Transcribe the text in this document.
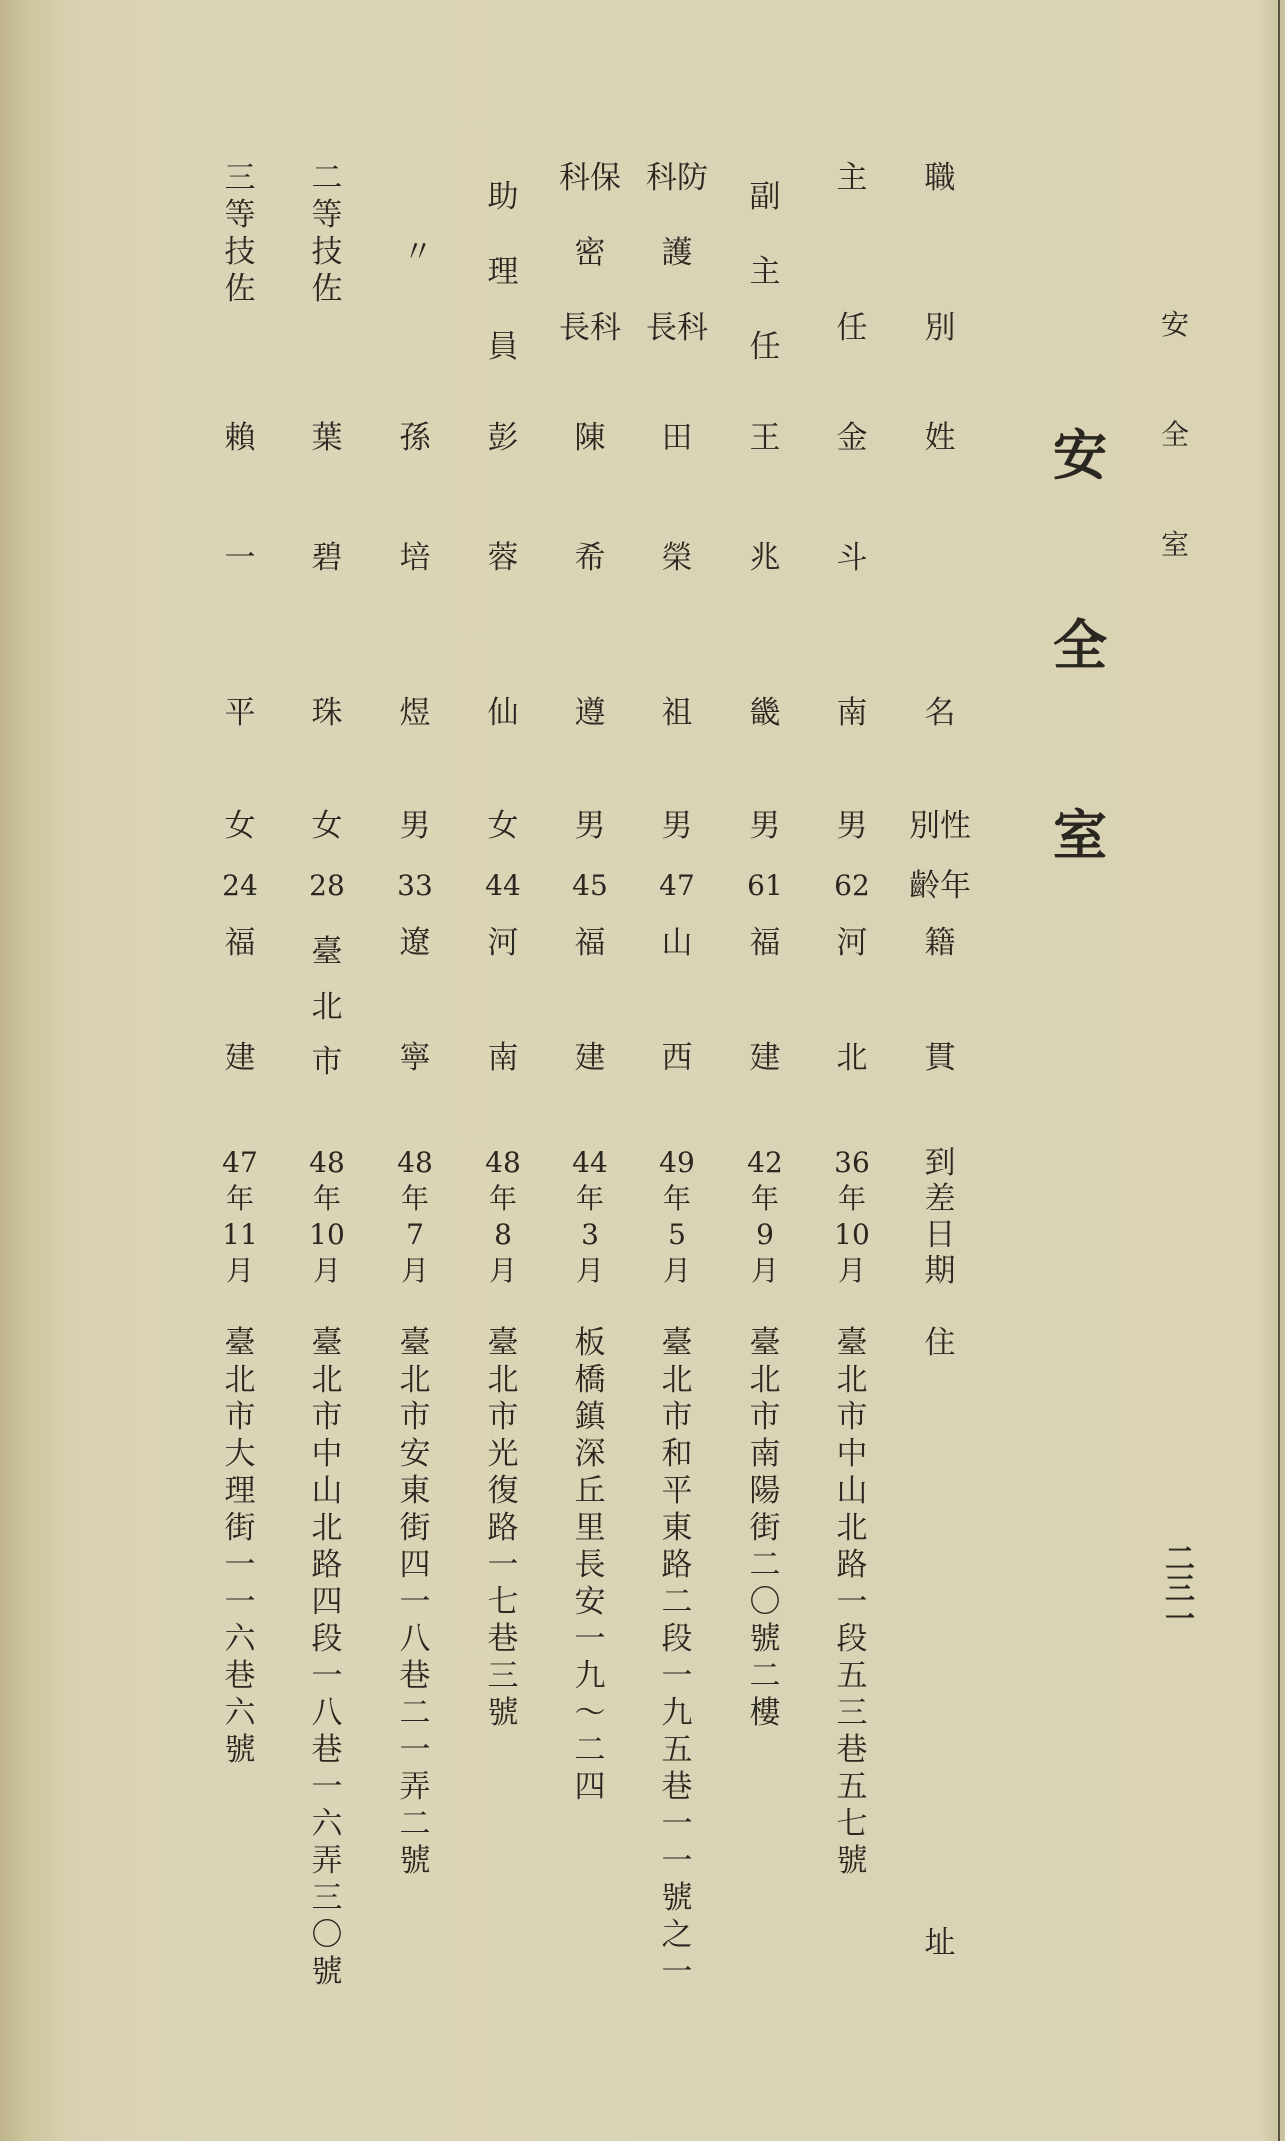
安
全
室
安
全
室
二
三
一
職
別
姓
名
別性
齡年
籍
貫
到
差
日
期
住
址
主
任
金
斗
南
男
62
河
北
36
年
10
月
臺
北
市
中
山
北
路
一
段
五
三
巷
五
七
號
副
主
任
王
兆
畿
男
61
福
建
42
年
9
月
臺
北
市
南
陽
街
二
〇
號
二
樓
科防
護
長科
田
榮
祖
男
47
山
西
49
年
5
月
臺
北
市
和
平
東
路
二
段
一
九
五
巷
一
一
號
之
一
科保
密
長科
陳
希
遵
男
45
福
建
44
年
3
月
板
橋
鎮
深
丘
里
長
安
一
九
～
二
四
助
理
員
彭
蓉
仙
女
44
河
南
48
年
8
月
臺
北
市
光
復
路
一
七
巷
三
號
〃
孫
培
煜
男
33
遼
寧
48
年
7
月
臺
北
市
安
東
街
四
一
八
巷
二
一
弄
二
號
二
等
技
佐
葉
碧
珠
女
28
臺
北
市
48
年
10
月
臺
北
市
中
山
北
路
四
段
一
八
巷
一
六
弄
三
〇
號
三
等
技
佐
賴
一
平
女
24
福
建
47
年
11
月
臺
北
市
大
理
街
一
一
六
巷
六
號
